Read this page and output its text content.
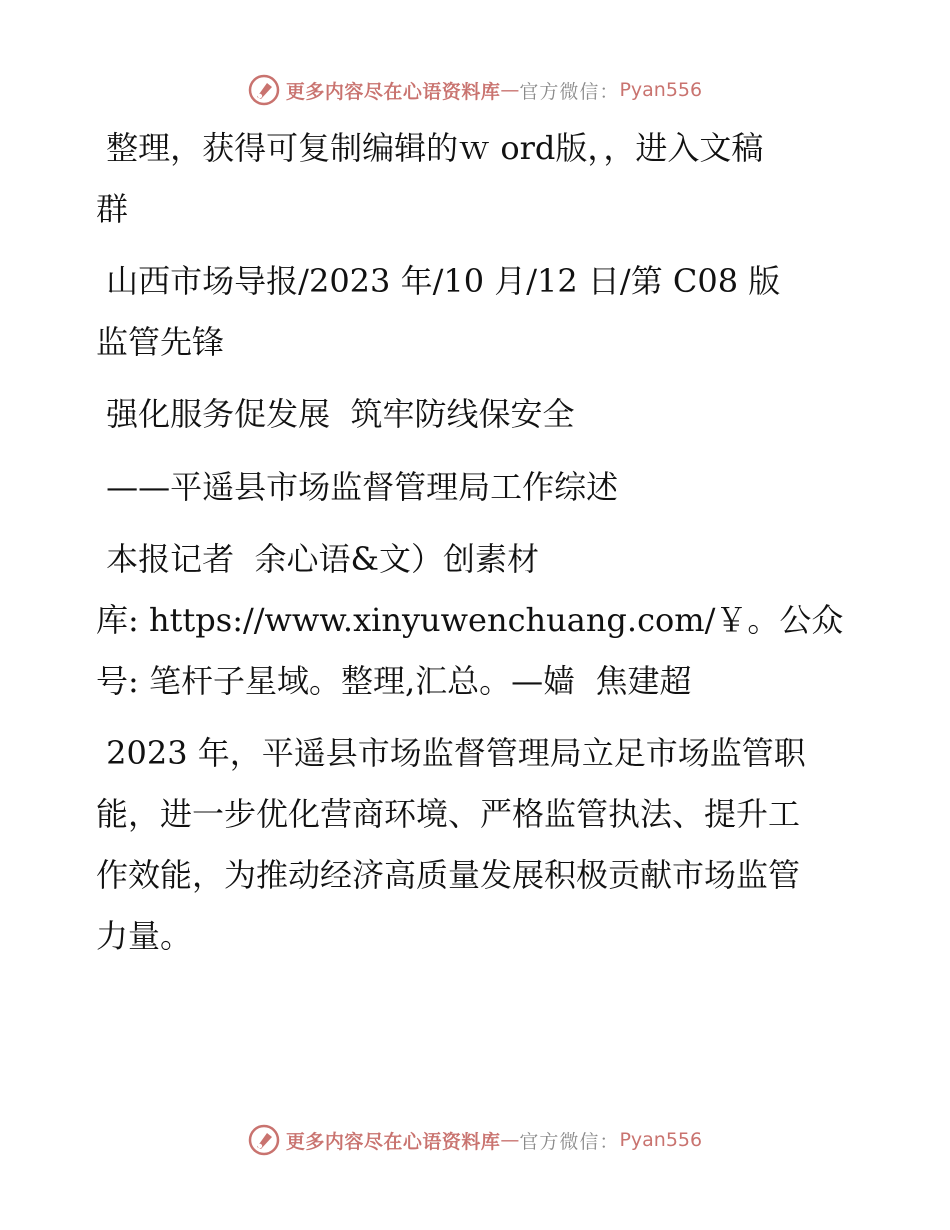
更多内容尽在心语资料库 — 官方微信： Pyan556

整理，获得可复制编辑的ｗ ord版，，进入文稿
群

山西市场导报/2023 年/10 月/12 日/第 C08 版
监管先锋

强化服务促发展  筑牢防线保安全

——平遥县市场监督管理局工作综述

本报记者  余心语&文）创素材
库: https://www.xinyuwenchuang.com/￥。公众
号: 笔杆子星域。整理,汇总。—嫱  焦建超

2023 年，平遥县市场监督管理局立足市场监管职
能，进一步优化营商环境、严格监管执法、提升工
作效能，为推动经济高质量发展积极贡献市场监管
力量。

更多内容尽在心语资料库 — 官方微信： Pyan556
